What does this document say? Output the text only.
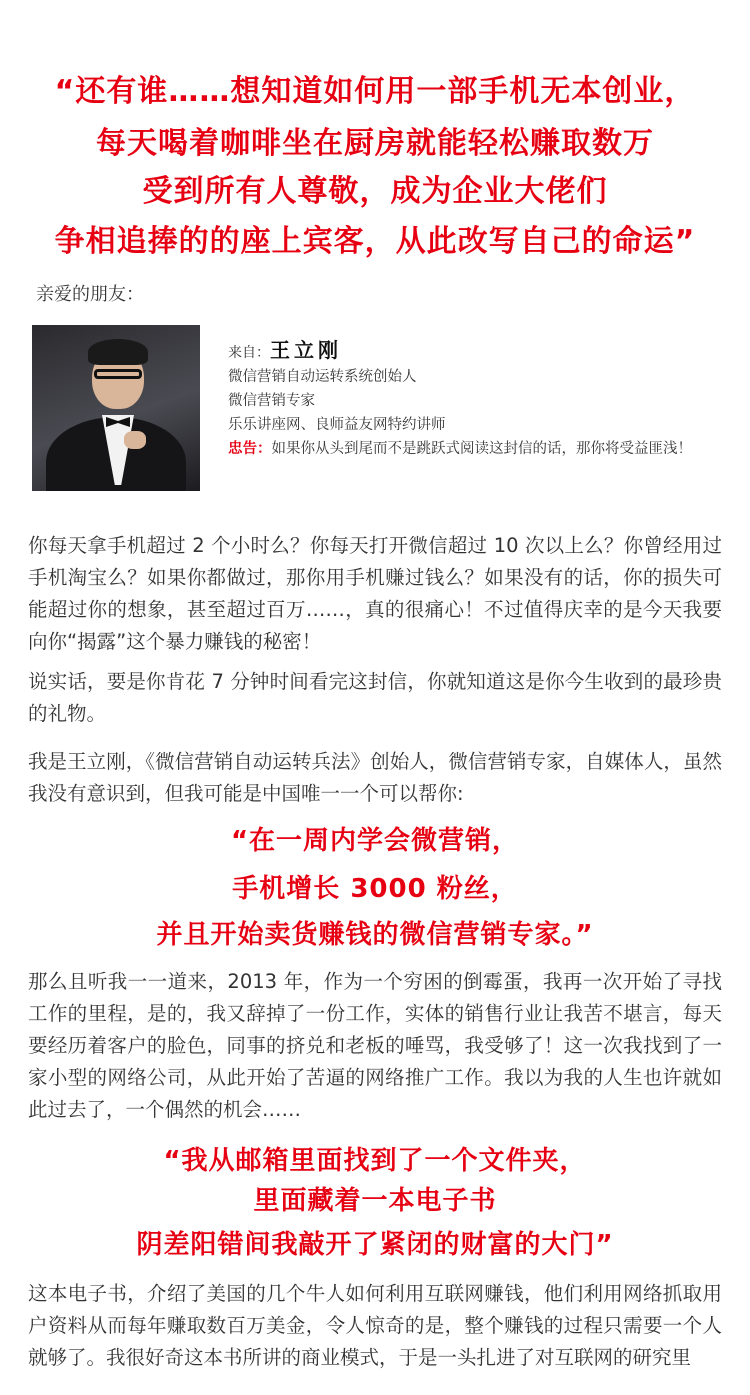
“还有谁……想知道如何用一部手机无本创业，
每天喝着咖啡坐在厨房就能轻松赚取数万
受到所有人尊敬，成为企业大佬们
争相追捧的的座上宾客，从此改写自己的命运”
亲爱的朋友：
来自：王立刚
微信营销自动运转系统创始人
微信营销专家
乐乐讲座网、良师益友网特约讲师
忠告：如果你从头到尾而不是跳跃式阅读这封信的话，那你将受益匪浅！

你每天拿手机超过 2 个小时么？你每天打开微信超过 10 次以上么？你曾经用过手机淘宝么？如果你都做过，那你用手机赚过钱么？如果没有的话，你的损失可能超过你的想象，甚至超过百万……，真的很痛心！不过值得庆幸的是今天我要向你“揭露”这个暴力赚钱的秘密！

说实话，要是你肯花 7 分钟时间看完这封信，你就知道这是你今生收到的最珍贵的礼物。

我是王立刚，《微信营销自动运转兵法》创始人，微信营销专家，自媒体人，虽然我没有意识到，但我可能是中国唯一一个可以帮你:

“在一周内学会微营销，
手机增长 3000 粉丝，
并且开始卖货赚钱的微信营销专家。”

那么且听我一一道来，2013 年，作为一个穷困的倒霉蛋，我再一次开始了寻找工作的里程，是的，我又辞掉了一份工作，实体的销售行业让我苦不堪言，每天要经历着客户的脸色，同事的挤兑和老板的唾骂，我受够了！这一次我找到了一家小型的网络公司，从此开始了苦逼的网络推广工作。我以为我的人生也许就如此过去了，一个偶然的机会……

“我从邮箱里面找到了一个文件夹，
里面藏着一本电子书
阴差阳错间我敲开了紧闭的财富的大门”

这本电子书，介绍了美国的几个牛人如何利用互联网赚钱，他们利用网络抓取用户资料从而每年赚取数百万美金，令人惊奇的是，整个赚钱的过程只需要一个人就够了。我很好奇这本书所讲的商业模式，于是一头扎进了对互联网的研究里
